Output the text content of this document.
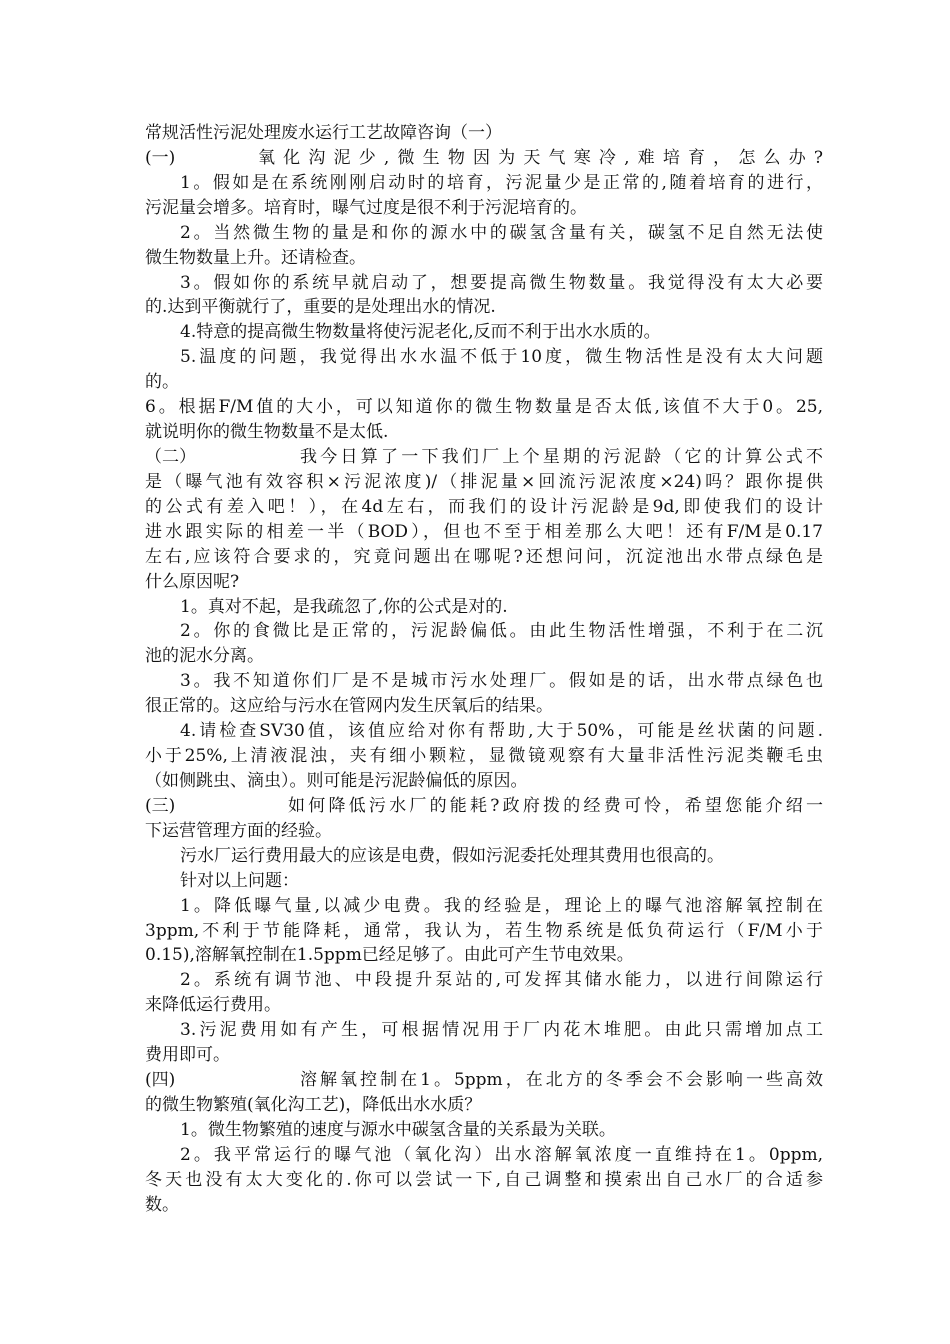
常规活性污泥处理废水运行工艺故障咨询（一）
(一)	氧化沟泥少,微生物因为天气寒冷,难培育，怎么办?
1。假如是在系统刚刚启动时的培育，污泥量少是正常的,随着培育的进行，
污泥量会增多。培育时，曝气过度是很不利于污泥培育的。
2。当然微生物的量是和你的源水中的碳氢含量有关，碳氢不足自然无法使
微生物数量上升。还请检查。
3。假如你的系统早就启动了，想要提高微生物数量。我觉得没有太大必要
的.达到平衡就行了，重要的是处理出水的情况.
4.特意的提高微生物数量将使污泥老化,反而不利于出水水质的。
5.温度的问题，我觉得出水水温不低于10度，微生物活性是没有太大问题
的。
6。根据F/M值的大小，可以知道你的微生物数量是否太低,该值不大于0。25,
就说明你的微生物数量不是太低.
（二）	我今日算了一下我们厂上个星期的污泥龄（它的计算公式不
是（曝气池有效容积×污泥浓度)/（排泥量×回流污泥浓度×24)吗？跟你提供
的公式有差入吧！），在4d左右，而我们的设计污泥龄是9d,即使我们的设计
进水跟实际的相差一半（BOD），但也不至于相差那么大吧！还有F/M是0.17
左右,应该符合要求的，究竟问题出在哪呢?还想问问，沉淀池出水带点绿色是
什么原因呢?
1。真对不起，是我疏忽了,你的公式是对的.
2。你的食微比是正常的，污泥龄偏低。由此生物活性增强，不利于在二沉
池的泥水分离。
3。我不知道你们厂是不是城市污水处理厂。假如是的话，出水带点绿色也
很正常的。这应给与污水在管网内发生厌氧后的结果。
4.请检查SV30值，该值应给对你有帮助,大于50%，可能是丝状菌的问题.
小于25%,上清液混浊，夹有细小颗粒，显微镜观察有大量非活性污泥类鞭毛虫
（如侧跳虫、滴虫）。则可能是污泥龄偏低的原因。
(三)	如何降低污水厂的能耗?政府拨的经费可怜，希望您能介绍一
下运营管理方面的经验。
污水厂运行费用最大的应该是电费，假如污泥委托处理其费用也很高的。
针对以上问题：
1。降低曝气量,以减少电费。我的经验是，理论上的曝气池溶解氧控制在
3ppm,不利于节能降耗，通常，我认为，若生物系统是低负荷运行（F/M小于
0.15),溶解氧控制在1.5ppm已经足够了。由此可产生节电效果。
2。系统有调节池、中段提升泵站的,可发挥其储水能力，以进行间隙运行
来降低运行费用。
3.污泥费用如有产生，可根据情况用于厂内花木堆肥。由此只需增加点工
费用即可。
(四)	溶解氧控制在1。5ppm，在北方的冬季会不会影响一些高效
的微生物繁殖(氧化沟工艺)，降低出水水质？
1。微生物繁殖的速度与源水中碳氢含量的关系最为关联。
2。我平常运行的曝气池（氧化沟）出水溶解氧浓度一直维持在1。0ppm,
冬天也没有太大变化的.你可以尝试一下,自己调整和摸索出自己水厂的合适参
数。
